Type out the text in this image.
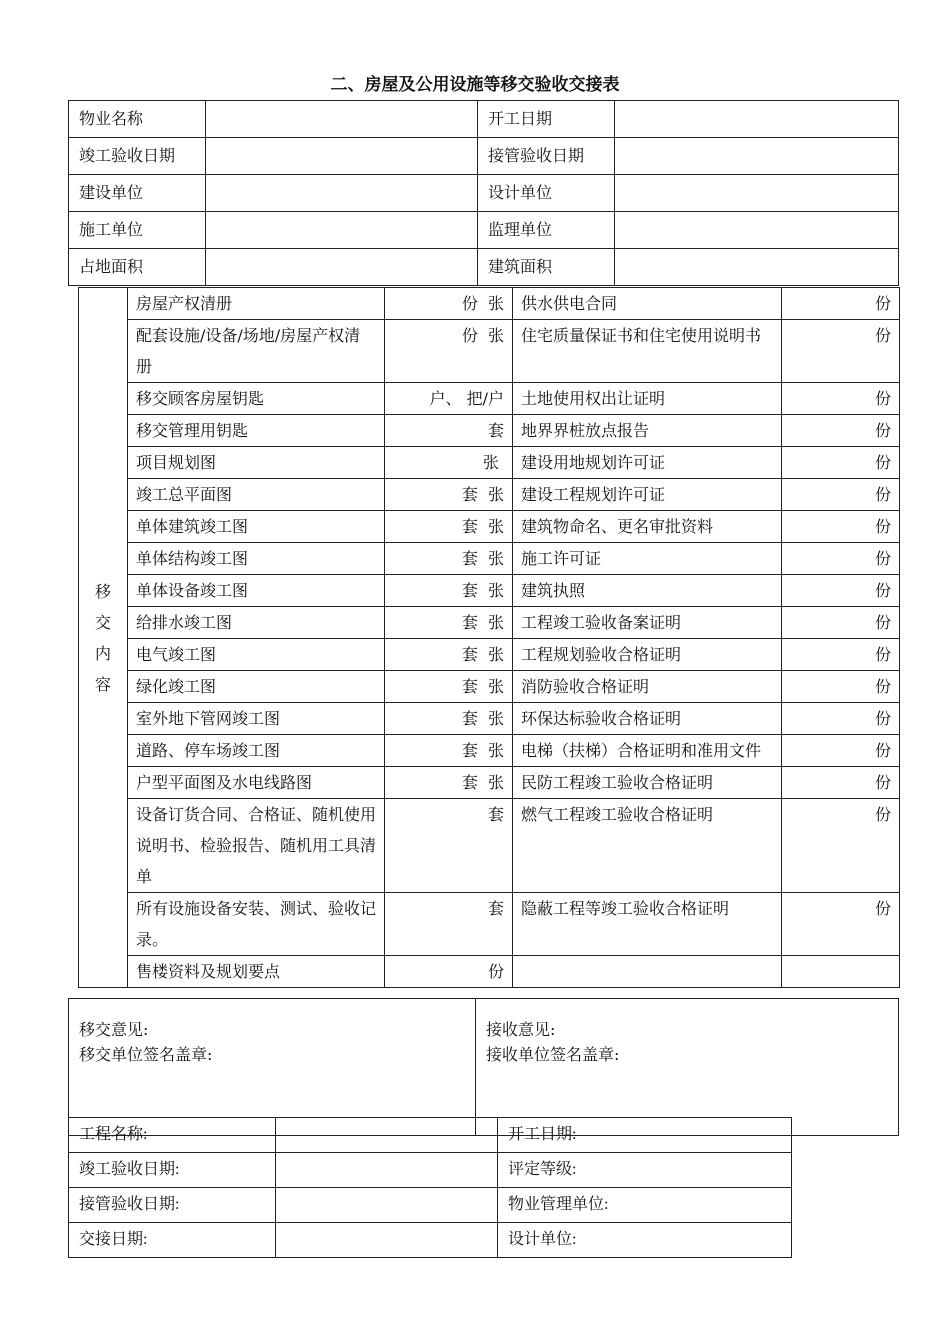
二、房屋及公用设施等移交验收交接表
物业名称		开工日期	
竣工验收日期		接管验收日期	
建设单位		设计单位	
施工单位		监理单位	
占地面积		建筑面积	
移
交
内
容	房屋产权清册	份  张	供水供电合同	份
	配套设施/设备/场地/房屋产权清册	份  张	住宅质量保证书和住宅使用说明书	份
	移交顾客房屋钥匙	户、 把/户	土地使用权出让证明	份
	移交管理用钥匙	套	地界界桩放点报告	份
	项目规划图	张	建设用地规划许可证	份
	竣工总平面图	套  张	建设工程规划许可证	份
	单体建筑竣工图	套  张	建筑物命名、更名审批资料	份
	单体结构竣工图	套  张	施工许可证	份
	单体设备竣工图	套  张	建筑执照	份
	给排水竣工图	套  张	工程竣工验收备案证明	份
	电气竣工图	套  张	工程规划验收合格证明	份
	绿化竣工图	套  张	消防验收合格证明	份
	室外地下管网竣工图	套  张	环保达标验收合格证明	份
	道路、停车场竣工图	套  张	电梯（扶梯）合格证明和准用文件	份
	户型平面图及水电线路图	套  张	民防工程竣工验收合格证明	份
	设备订货合同、合格证、随机使用说明书、检验报告、随机用工具清单	套	燃气工程竣工验收合格证明	份
	所有设施设备安装、测试、验收记录。	套	隐蔽工程等竣工验收合格证明	份
	售楼资料及规划要点	份		
移交意见:
移交单位签名盖章:

接收意见:
接收单位签名盖章:
工程名称:		开工日期:
竣工验收日期:		评定等级:
接管验收日期:		物业管理单位:
交接日期:		设计单位:
